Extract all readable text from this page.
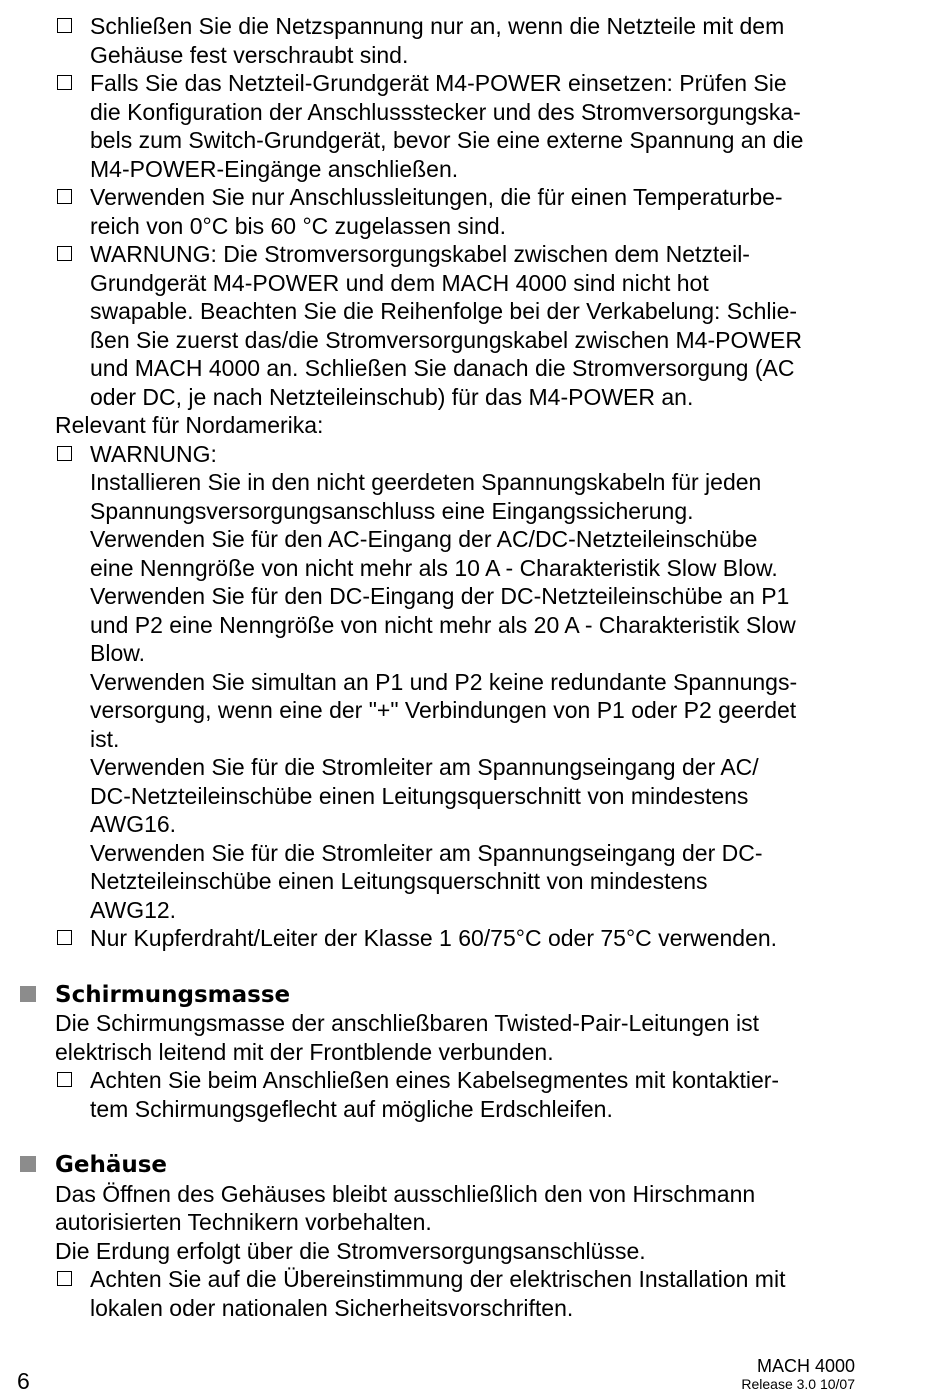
Schließen Sie die Netzspannung nur an, wenn die Netzteile mit dem
Gehäuse fest verschraubt sind.
Falls Sie das Netzteil-Grundgerät M4-POWER einsetzen: Prüfen Sie
die Konfiguration der Anschlussstecker und des Stromversorgungska-
bels zum Switch-Grundgerät, bevor Sie eine externe Spannung an die
M4-POWER-Eingänge anschließen.
Verwenden Sie nur Anschlussleitungen, die für einen Temperaturbe-
reich von 0°C bis 60 °C zugelassen sind.
WARNUNG: Die Stromversorgungskabel zwischen dem Netzteil-
Grundgerät M4-POWER und dem MACH 4000 sind nicht hot
swapable. Beachten Sie die Reihenfolge bei der Verkabelung: Schlie-
ßen Sie zuerst das/die Stromversorgungskabel zwischen M4-POWER
und MACH 4000 an. Schließen Sie danach die Stromversorgung (AC
oder DC, je nach Netzteileinschub) für das M4-POWER an.
Relevant für Nordamerika:
WARNUNG:
Installieren Sie in den nicht geerdeten Spannungskabeln für jeden
Spannungsversorgungsanschluss eine Eingangssicherung.
Verwenden Sie für den AC-Eingang der AC/DC-Netzteileinschübe
eine Nenngröße von nicht mehr als 10 A - Charakteristik Slow Blow.
Verwenden Sie für den DC-Eingang der DC-Netzteileinschübe an P1
und P2 eine Nenngröße von nicht mehr als 20 A - Charakteristik Slow
Blow.
Verwenden Sie simultan an P1 und P2 keine redundante Spannungs-
versorgung, wenn eine der "+" Verbindungen von P1 oder P2 geerdet
ist.
Verwenden Sie für die Stromleiter am Spannungseingang der AC/
DC-Netzteileinschübe einen Leitungsquerschnitt von mindestens
AWG16.
Verwenden Sie für die Stromleiter am Spannungseingang der DC-
Netzteileinschübe einen Leitungsquerschnitt von mindestens
AWG12.
Nur Kupferdraht/Leiter der Klasse 1 60/75°C oder 75°C verwenden.
Schirmungsmasse
Die Schirmungsmasse der anschließbaren Twisted-Pair-Leitungen ist
elektrisch leitend mit der Frontblende verbunden.
Achten Sie beim Anschließen eines Kabelsegmentes mit kontaktier-
tem Schirmungsgeflecht auf mögliche Erdschleifen.
Gehäuse
Das Öffnen des Gehäuses bleibt ausschließlich den von Hirschmann
autorisierten Technikern vorbehalten.
Die Erdung erfolgt über die Stromversorgungsanschlüsse.
Achten Sie auf die Übereinstimmung der elektrischen Installation mit
lokalen oder nationalen Sicherheitsvorschriften.
6
MACH 4000
Release 3.0 10/07
